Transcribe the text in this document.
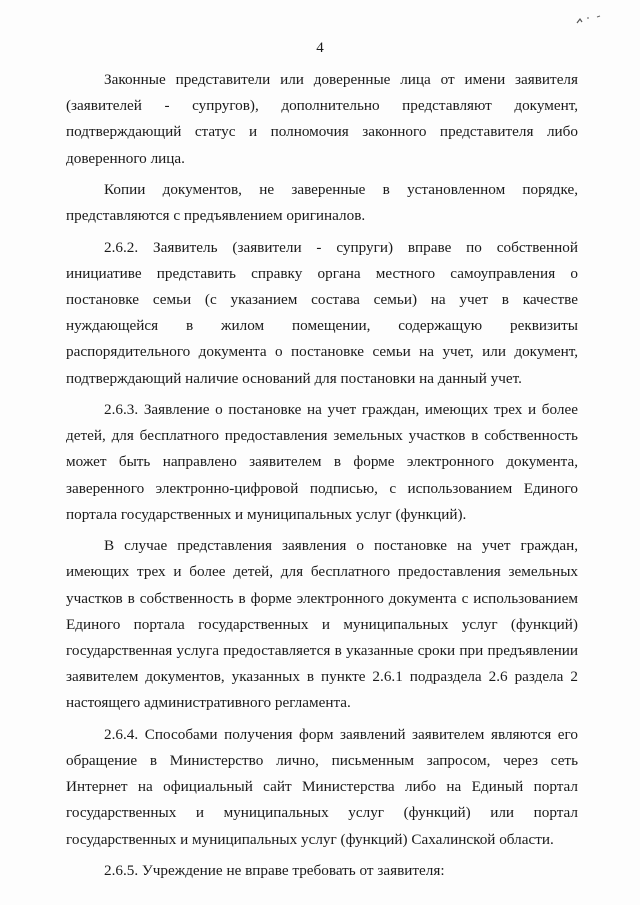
4

Законные представители или доверенные лица от имени заявителя (заявителей - супругов), дополнительно представляют документ, подтверждающий статус и полномочия законного представителя либо доверенного лица.

Копии документов, не заверенные в установленном порядке, представляются с предъявлением оригиналов.

2.6.2. Заявитель (заявители - супруги) вправе по собственной инициативе представить справку органа местного самоуправления о постановке семьи (с указанием состава семьи) на учет в качестве нуждающейся в жилом помещении, содержащую реквизиты распорядительного документа о постановке семьи на учет, или документ, подтверждающий наличие оснований для постановки на данный учет.

2.6.3. Заявление о постановке на учет граждан, имеющих трех и более детей, для бесплатного предоставления земельных участков в собственность может быть направлено заявителем в форме электронного документа, заверенного электронно-цифровой подписью, с использованием Единого портала государственных и муниципальных услуг (функций).

В случае представления заявления о постановке на учет граждан, имеющих трех и более детей, для бесплатного предоставления земельных участков в собственность в форме электронного документа с использованием Единого портала государственных и муниципальных услуг (функций) государственная услуга предоставляется в указанные сроки при предъявлении заявителем документов, указанных в пункте 2.6.1 подраздела 2.6 раздела 2 настоящего административного регламента.

2.6.4. Способами получения форм заявлений заявителем являются его обращение в Министерство лично, письменным запросом, через сеть Интернет на официальный сайт Министерства либо на Единый портал государственных и муниципальных услуг (функций) или портал государственных и муниципальных услуг (функций) Сахалинской области.

2.6.5. Учреждение не вправе требовать от заявителя:
